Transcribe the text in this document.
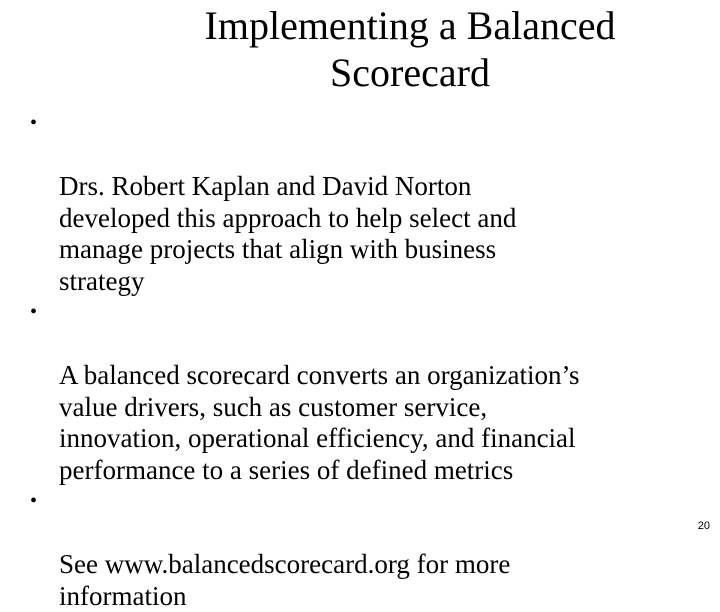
Implementing a Balanced
Scorecard

•

Drs. Robert Kaplan and David Norton
developed this approach to help select and
manage projects that align with business
strategy

•

A balanced scorecard converts an organization’s
value drivers, such as customer service,
innovation, operational efficiency, and financial
performance to a series of defined metrics

•

See www.balancedscorecard.org for more
information

20
